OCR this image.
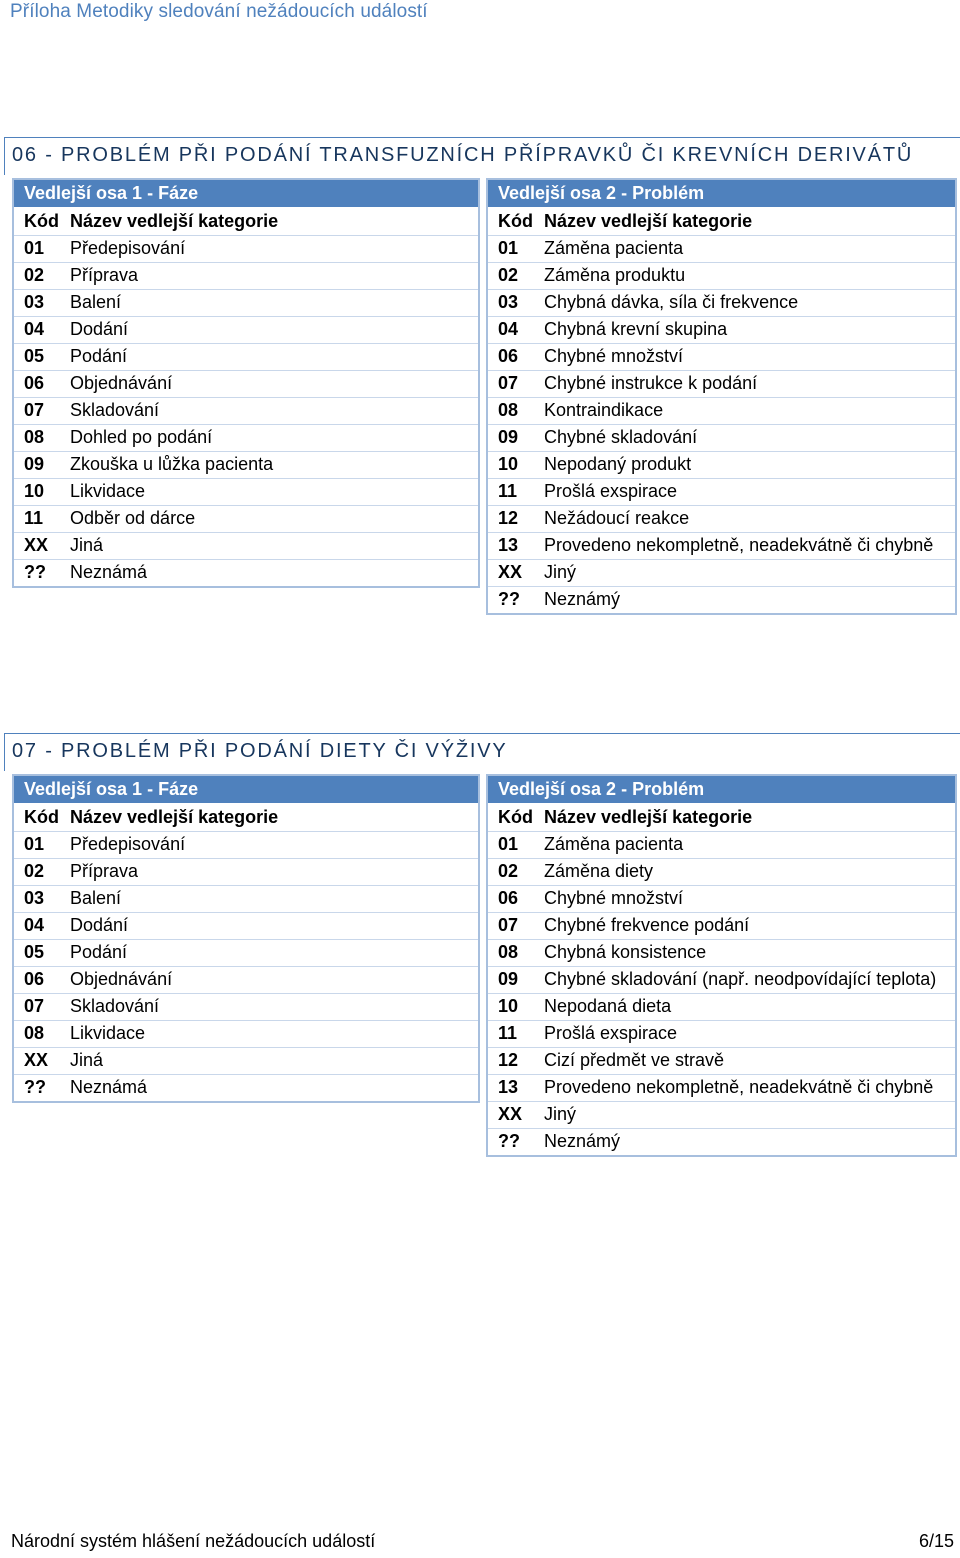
Příloha Metodiky sledování nežádoucích událostí
06 - PROBLÉM PŘI PODÁNÍ TRANSFUZNÍCH PŘÍPRAVKŮ ČI KREVNÍCH DERIVÁTŮ
Vedlejší osa 1 - Fáze
Kód Název vedlejší kategorie
01	Předepisování
02	Příprava
03	Balení
04	Dodání
05	Podání
06	Objednávání
07	Skladování
08	Dohled po podání
09	Zkouška u lůžka pacienta
10	Likvidace
11	Odběr od dárce
XX	Jiná
??	Neznámá
Vedlejší osa 2 - Problém
Kód Název vedlejší kategorie
01	Záměna pacienta
02	Záměna produktu
03	Chybná dávka, síla či frekvence
04	Chybná krevní skupina
06	Chybné množství
07	Chybné instrukce k podání
08	Kontraindikace
09	Chybné skladování
10	Nepodaný produkt
11	Prošlá exspirace
12	Nežádoucí reakce
13	Provedeno nekompletně, neadekvátně či chybně
XX	Jiný
??	Neznámý
07 - PROBLÉM PŘI PODÁNÍ DIETY ČI VÝŽIVY
Vedlejší osa 1 - Fáze
Kód Název vedlejší kategorie
01	Předepisování
02	Příprava
03	Balení
04	Dodání
05	Podání
06	Objednávání
07	Skladování
08	Likvidace
XX	Jiná
??	Neznámá
Vedlejší osa 2 - Problém
Kód Název vedlejší kategorie
01	Záměna pacienta
02	Záměna diety
06	Chybné množství
07	Chybné frekvence podání
08	Chybná konsistence
09	Chybné skladování (např. neodpovídající teplota)
10	Nepodaná dieta
11	Prošlá exspirace
12	Cizí předmět ve stravě
13	Provedeno nekompletně, neadekvátně či chybně
XX	Jiný
??	Neznámý
Národní systém hlášení nežádoucích událostí	6/15
